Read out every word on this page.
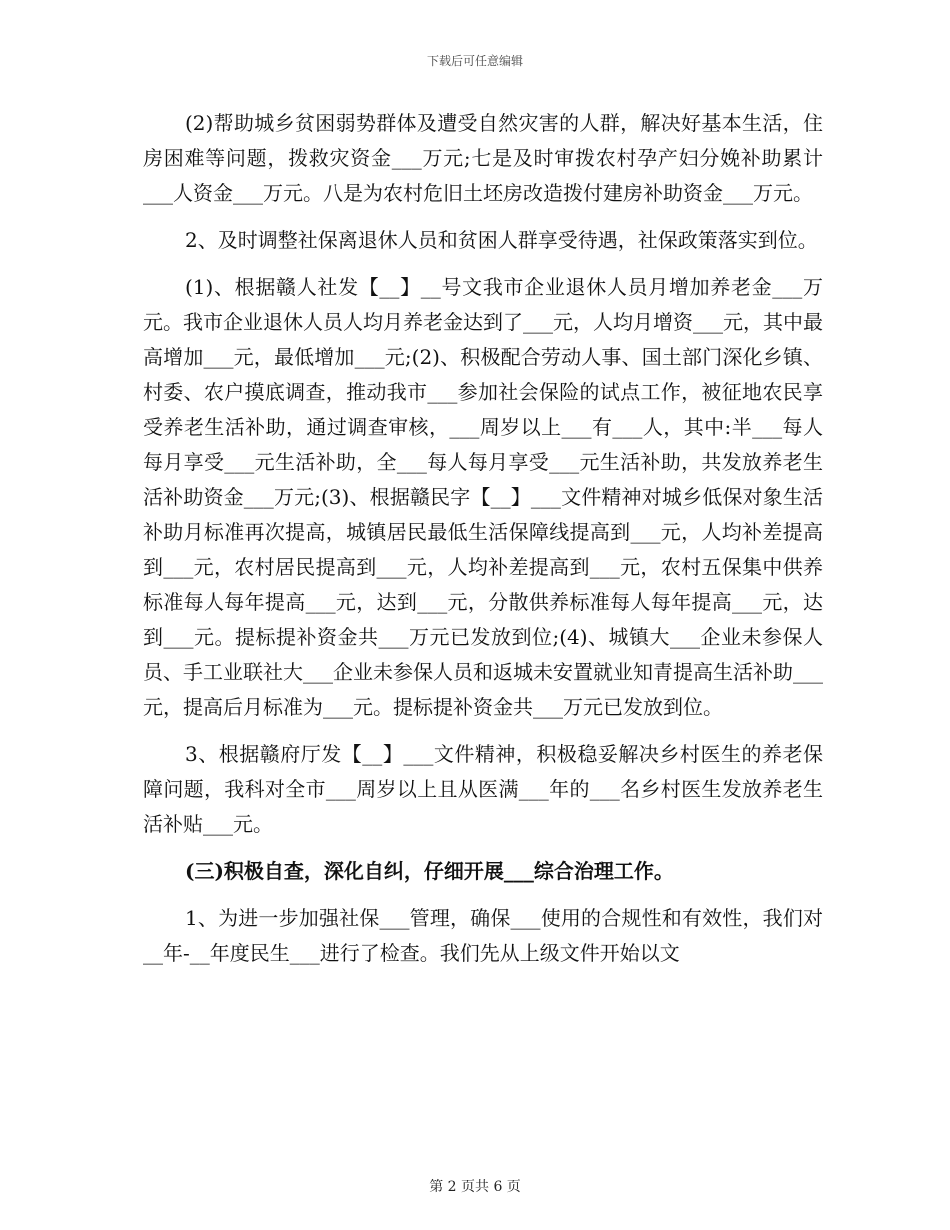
下载后可任意编辑

(2)帮助城乡贫困弱势群体及遭受自然灾害的人群，解决好基本生活，住房困难等问题，拨救灾资金___万元;七是及时审拨农村孕产妇分娩补助累计___人资金___万元。八是为农村危旧土坯房改造拨付建房补助资金___万元。

2、及时调整社保离退休人员和贫困人群享受待遇，社保政策落实到位。

(1)、根据赣人社发【__】__号文我市企业退休人员月增加养老金___万元。我市企业退休人员人均月养老金达到了___元，人均月增资___元，其中最高增加___元，最低增加___元;(2)、积极配合劳动人事、国土部门深化乡镇、村委、农户摸底调查，推动我市___参加社会保险的试点工作，被征地农民享受养老生活补助，通过调查审核，___周岁以上___有___人，其中:半___每人每月享受___元生活补助，全___每人每月享受___元生活补助，共发放养老生活补助资金___万元;(3)、根据赣民字【__】___文件精神对城乡低保对象生活补助月标准再次提高，城镇居民最低生活保障线提高到___元，人均补差提高到___元，农村居民提高到___元，人均补差提高到___元，农村五保集中供养标准每人每年提高___元，达到___元，分散供养标准每人每年提高___元，达到___元。提标提补资金共___万元已发放到位;(4)、城镇大___企业未参保人员、手工业联社大___企业未参保人员和返城未安置就业知青提高生活补助___元，提高后月标准为___元。提标提补资金共___万元已发放到位。

3、根据赣府厅发【__】___文件精神，积极稳妥解决乡村医生的养老保障问题，我科对全市___周岁以上且从医满___年的___名乡村医生发放养老生活补贴___元。

(三)积极自查，深化自纠，仔细开展___综合治理工作。

1、为进一步加强社保___管理，确保___使用的合规性和有效性，我们对__年-__年度民生___进行了检查。我们先从上级文件开始以文

第 2 页共 6 页
